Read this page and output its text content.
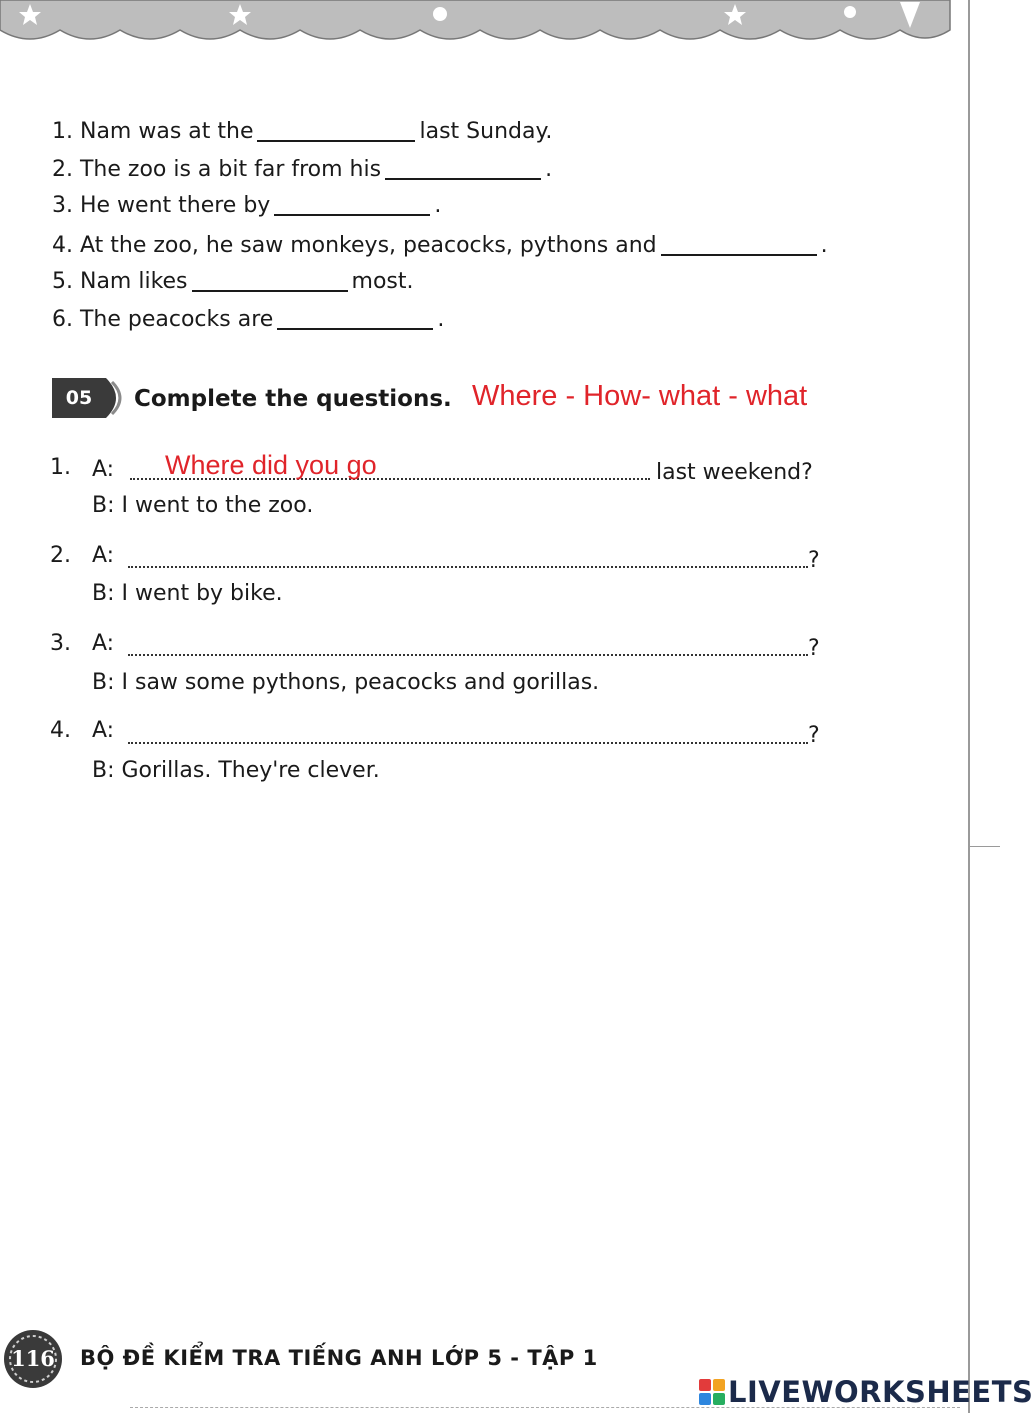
1. Nam was at the	last Sunday.
2. The zoo is a bit far from his	.
3. He went there by	.
4. At the zoo, he saw monkeys, peacocks, pythons and	.
5. Nam likes	most.
6. The peacocks are	.
05	Complete the questions. Where - How- what - what
1. A: Where did you go	last weekend?
B: I went to the zoo.
2. A:	?
B: I went by bike.
3. A:	?
B: I saw some pythons, peacocks and gorillas.
4. A:	?
B: Gorillas. They're clever.
116	BỘ ĐỀ KIỂM TRA TIẾNG ANH LỚP 5 - TẬP 1
LIVEWORKSHEETS
